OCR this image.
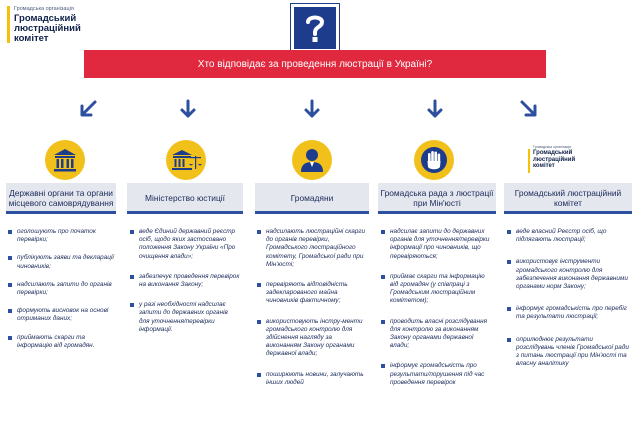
Громадська організація
Громадський
люстраційний
комітет
Хто відповідає за проведення люстрації в Україні?
Громадська організація
Громадський
люстраційний
комітет
Державні органи та органи місцевого самоврядування	Міністерство юстиції	Громадяни	Громадська рада з люстрації при Мін'юсті
Громадський люстраційний комітет
оголошують про початок перевірки;
публікують заяви та декларації чиновників;
надсилають запити до органів перевірки;
формують висновок на основі отриманих даних;
приймають скарги та інформацію від громадян.
веде Єдиний державний реєстр осіб, щодо яких застосовано положення Закону України «Про очищення влади»;
забезпечує проведення перевірок на виконання Закону;
у разі необхідності надсилає запити до державних органів для уточнення/перевірки інформації.
надсилають люстраційні скарги до органів перевірки, Громадського люстраційного комітету, Громадської ради при Мін'юсті;
перевіряють відповідність задекларованого майна чиновників фактичному;
використовують інстру-менти громадського контролю для здійснення нагляду за виконанням Закону органами державної влади;
поширюють новини, залучають інших людей
надсилає запити до державних органів для уточнення/перевірки інформації про чиновників, що перевіряються;
приймає скарги та інформацію від громадян (у співпраці з Громадським люстраційним комітетом);
проводить власні розслідування для контролю за виконанням Закону органами державної влади;
інформує громадськість про результати/порушення під час проведення перевірок
веде власний Реєстр осіб, що підлягають люстрації;
використовує інструменти громадського контролю для забезпечення виконання державними органами норм Закону;
інформує громадськість про перебіг та результати люстрації;
оприлюднює результати розслідувань членів Громадської ради з питань люстрації при Мін'юсті та власну аналітику
